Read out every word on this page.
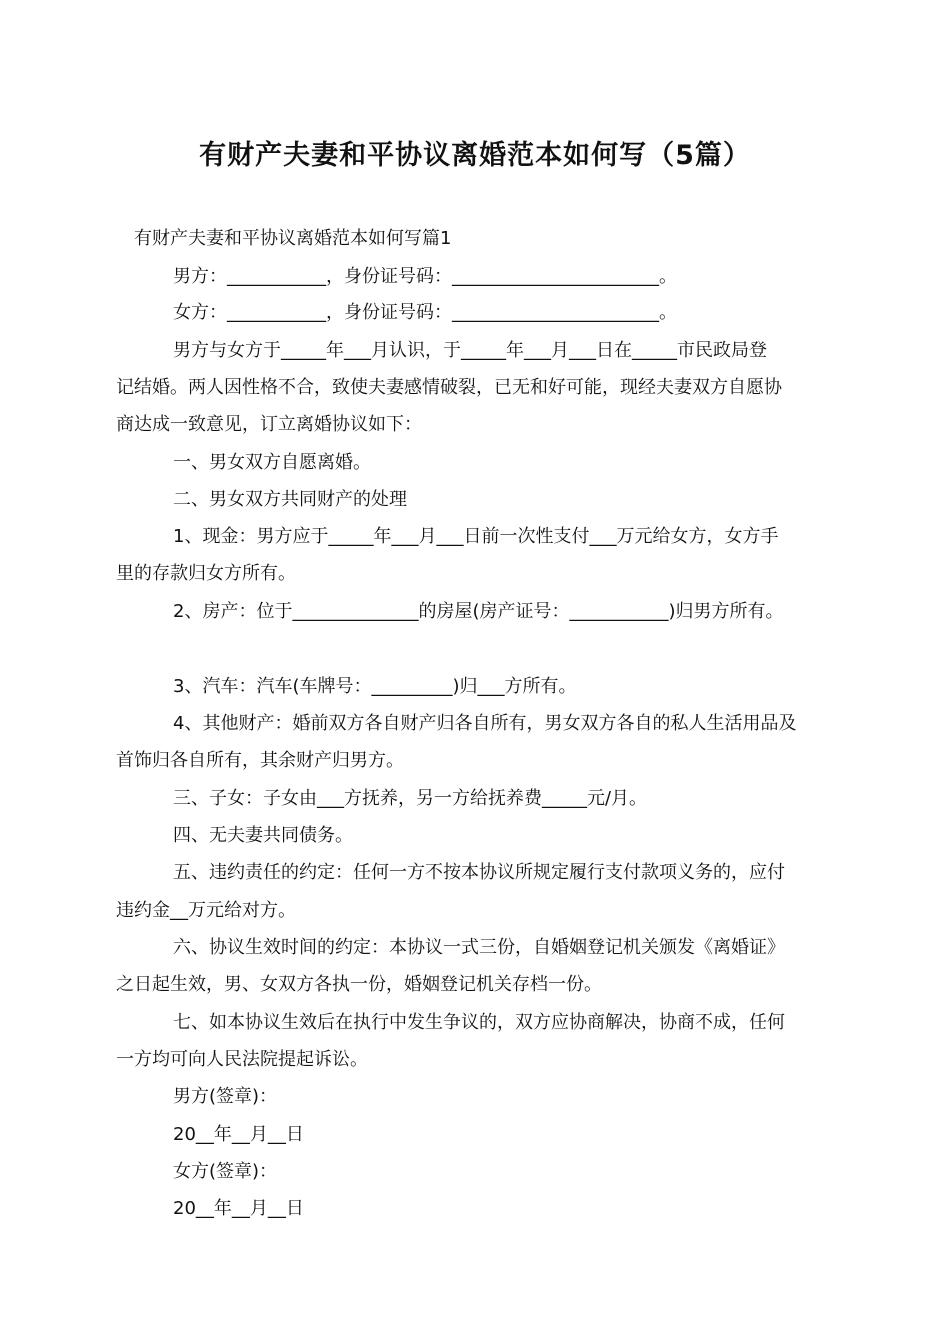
有财产夫妻和平协议离婚范本如何写（5篇）
有财产夫妻和平协议离婚范本如何写篇1
男方：___________，身份证号码：_______________________。
女方：___________，身份证号码：_______________________。
男方与女方于_____年___月认识，于_____年___月___日在_____市民政局登
记结婚。两人因性格不合，致使夫妻感情破裂，已无和好可能，现经夫妻双方自愿协
商达成一致意见，订立离婚协议如下：
一、男女双方自愿离婚。
二、男女双方共同财产的处理
1、现金：男方应于_____年___月___日前一次性支付___万元给女方，女方手
里的存款归女方所有。
2、房产：位于______________的房屋(房产证号：___________)归男方所有。
3、汽车：汽车(车牌号：_________)归___方所有。
4、其他财产：婚前双方各自财产归各自所有，男女双方各自的私人生活用品及
首饰归各自所有，其余财产归男方。
三、子女：子女由___方抚养，另一方给抚养费_____元/月。
四、无夫妻共同债务。
五、违约责任的约定：任何一方不按本协议所规定履行支付款项义务的，应付
违约金__万元给对方。
六、协议生效时间的约定：本协议一式三份，自婚姻登记机关颁发《离婚证》
之日起生效，男、女双方各执一份，婚姻登记机关存档一份。
七、如本协议生效后在执行中发生争议的，双方应协商解决，协商不成，任何
一方均可向人民法院提起诉讼。
男方(签章)：
20__年__月__日
女方(签章)：
20__年__月__日
